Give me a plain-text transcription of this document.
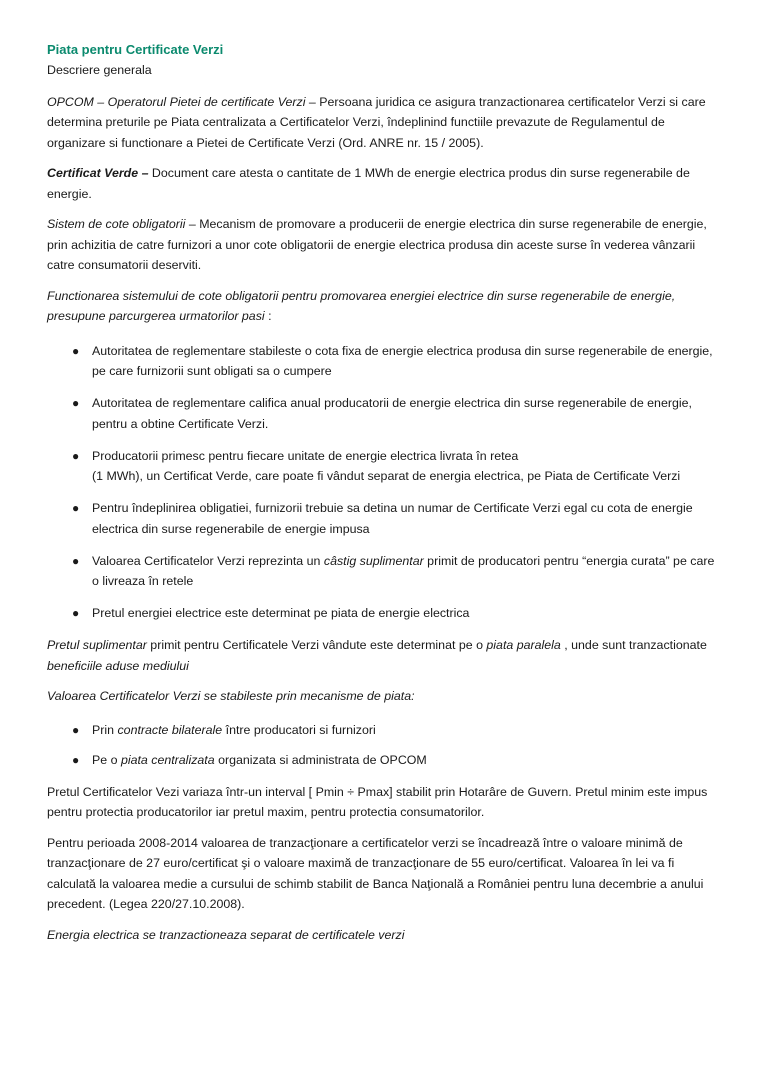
Piata pentru Certificate Verzi

Descriere generala

OPCOM – Operatorul Pietei de certificate Verzi – Persoana juridica ce asigura tranzactionarea certificatelor Verzi si care determina preturile pe Piata centralizata a Certificatelor Verzi, îndeplinind functiile prevazute de Regulamentul de organizare si functionare a Pietei de Certificate Verzi (Ord. ANRE nr. 15 / 2005).

Certificat Verde – Document care atesta o cantitate de 1 MWh de energie electrica produs din surse regenerabile de energie.

Sistem de cote obligatorii – Mecanism de promovare a producerii de energie electrica din surse regenerabile de energie, prin achizitia de catre furnizori a unor cote obligatorii de energie electrica produsa din aceste surse în vederea vânzarii catre consumatorii deserviti.

Functionarea sistemului de cote obligatorii pentru promovarea energiei electrice din surse regenerabile de energie, presupune parcurgerea urmatorilor pasi :

● Autoritatea de reglementare stabileste o cota fixa de energie electrica produsa din surse regenerabile de energie, pe care furnizorii sunt obligati sa o cumpere
● Autoritatea de reglementare califica anual producatorii de energie electrica din surse regenerabile de energie, pentru a obtine Certificate Verzi.
● Producatorii primesc pentru fiecare unitate de energie electrica livrata în retea
(1 MWh), un Certificat Verde, care poate fi vândut separat de energia electrica, pe Piata de Certificate Verzi
● Pentru îndeplinirea obligatiei, furnizorii trebuie sa detina un numar de Certificate Verzi egal cu cota de energie electrica din surse regenerabile de energie impusa
● Valoarea Certificatelor Verzi reprezinta un câstig suplimentar primit de producatori pentru “energia curata” pe care o livreaza în retele
● Pretul energiei electrice este determinat pe piata de energie electrica

Pretul suplimentar primit pentru Certificatele Verzi vândute este determinat pe o piata paralela , unde sunt tranzactionate beneficiile aduse mediului

Valoarea Certificatelor Verzi se stabileste prin mecanisme de piata:

● Prin contracte bilaterale între producatori si furnizori
● Pe o piata centralizata organizata si administrata de OPCOM

Pretul Certificatelor Vezi variaza într-un interval [ Pmin ÷ Pmax] stabilit prin Hotarâre de Guvern. Pretul minim este impus pentru protectia producatorilor iar pretul maxim, pentru protectia consumatorilor.

Pentru perioada 2008-2014 valoarea de tranzacţionare a certificatelor verzi se încadrează între o valoare minimă de tranzacţionare de 27 euro/certificat şi o valoare maximă de tranzacţionare de 55 euro/certificat. Valoarea în lei va fi calculată la valoarea medie a cursului de schimb stabilit de Banca Naţională a României pentru luna decembrie a anului precedent. (Legea 220/27.10.2008).

Energia electrica se tranzactioneaza separat de certificatele verzi
